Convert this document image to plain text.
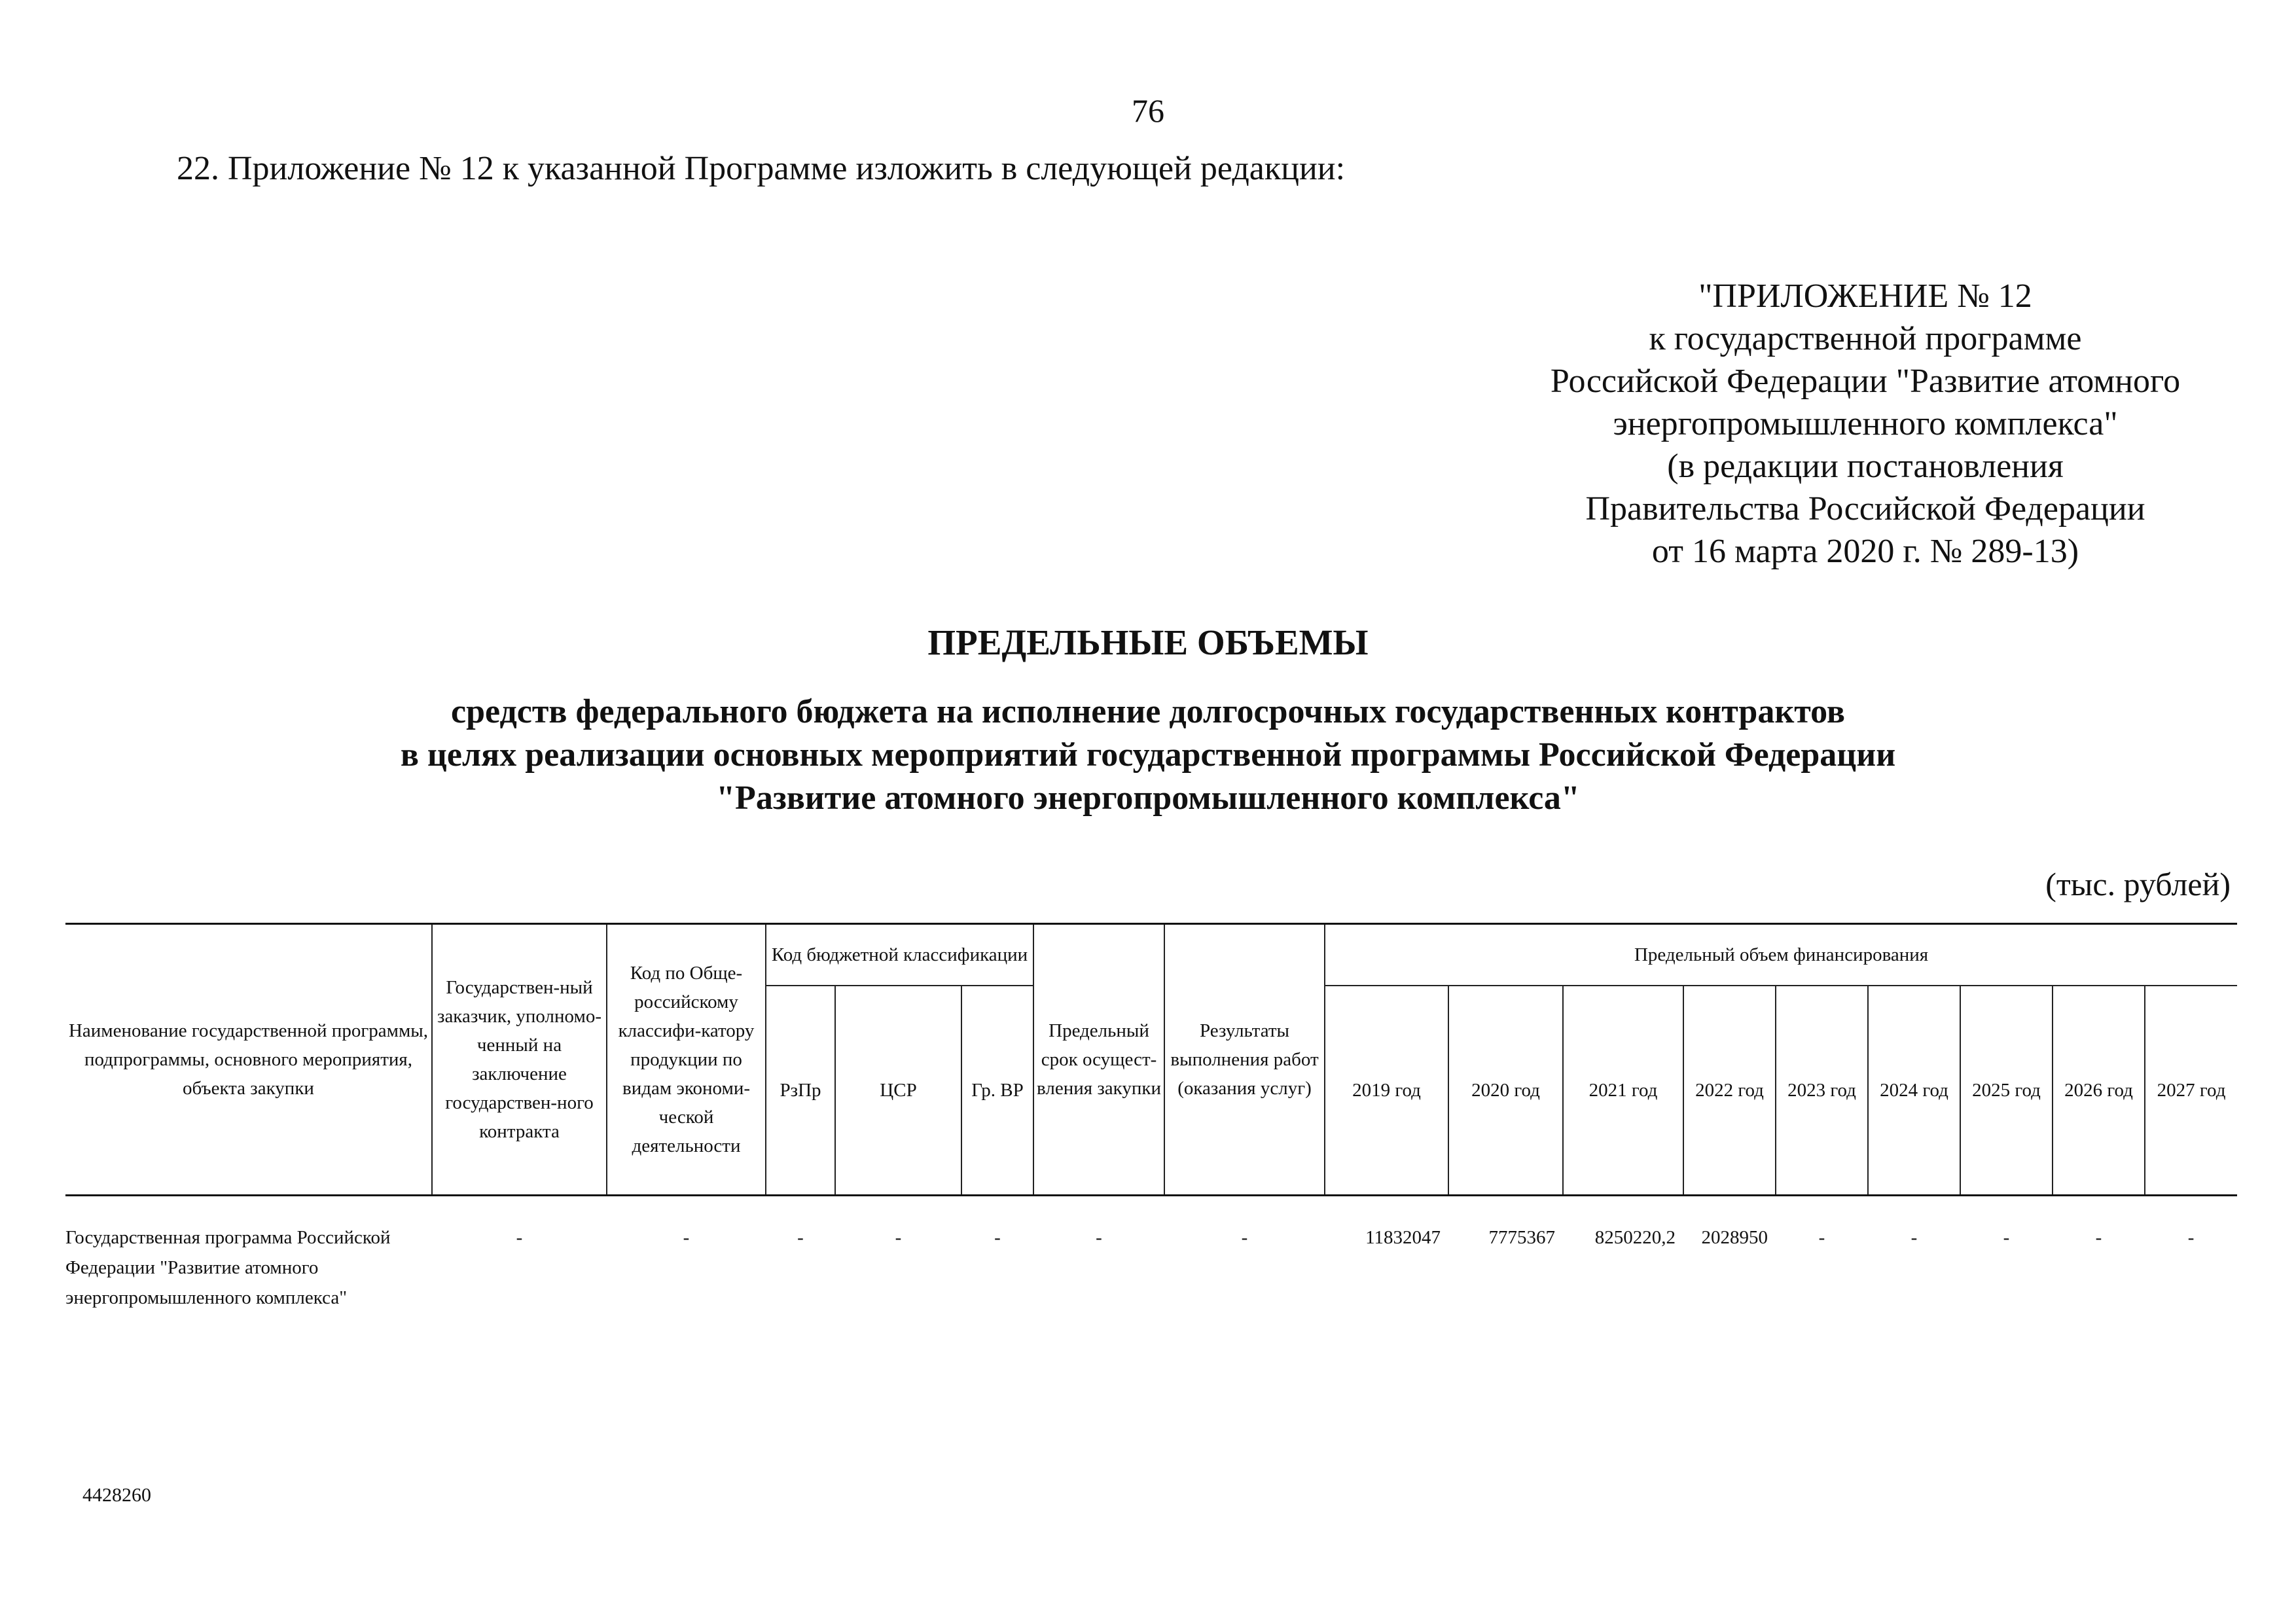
76
22. Приложение № 12 к указанной Программе изложить в следующей редакции:
"ПРИЛОЖЕНИЕ № 12
к государственной программе
Российской Федерации "Развитие атомного
энергопромышленного комплекса"
(в редакции постановления
Правительства Российской Федерации
от 16 марта 2020 г. № 289-13)
ПРЕДЕЛЬНЫЕ ОБЪЕМЫ
средств федерального бюджета на исполнение долгосрочных государственных контрактов
в целях реализации основных мероприятий государственной программы Российской Федерации
"Развитие атомного энергопромышленного комплекса"
(тыс. рублей)
Наименование государственной программы, подпрограммы, основного мероприятия, объекта закупки	Государствен-ный заказчик, уполномо-ченный на заключение государствен-ного контракта	Код по Обще-российскому классифи-катору продукции по видам экономи-ческой деятельности	Код бюджетной классификации			Предельный срок осущест-вления закупки	Результаты выполнения работ (оказания услуг)	Предельный объем финансирования								
			РзПр	ЦСР	Гр. ВР			2019 год	2020 год	2021 год	2022 год	2023 год	2024 год	2025 год	2026 год	2027 год

Государственная программа Российской Федерации "Развитие атомного энергопромышленного комплекса"	-	-	-	-	-	-	-	11832047	7775367	8250220,2	2028950	-	-	-	-	-
4428260
